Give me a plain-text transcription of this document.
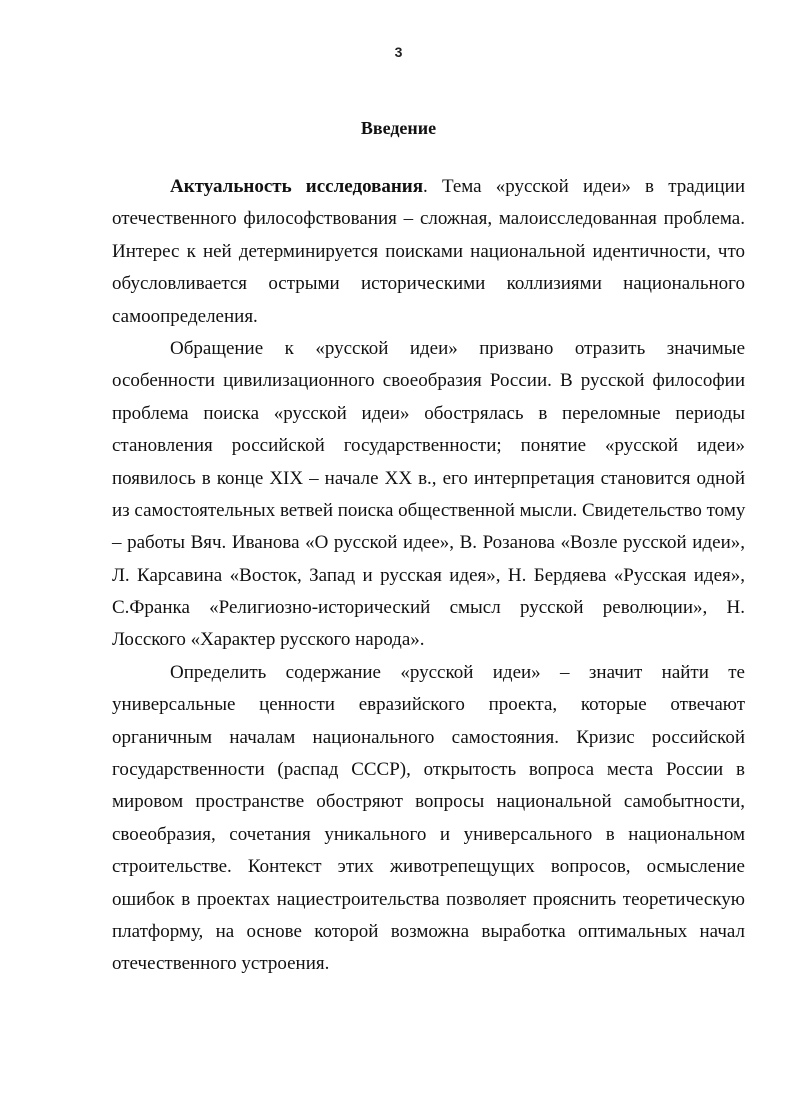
3
Введение
Актуальность исследования. Тема «русской идеи» в традиции
отечественного философствования – сложная, малоисследованная проблема.
Интерес к ней детерминируется поисками национальной идентичности, что
обусловливается острыми историческими коллизиями национального
самоопределения.
Обращение к «русской идеи» призвано отразить значимые
особенности цивилизационного своеобразия России. В русской философии
проблема поиска «русской идеи» обострялась в переломные периоды
становления российской государственности; понятие «русской идеи»
появилось в конце XIX – начале XX в., его интерпретация становится одной
из самостоятельных ветвей поиска общественной мысли. Свидетельство тому
– работы Вяч. Иванова «О русской идее», В. Розанова «Возле русской идеи»,
Л. Карсавина «Восток, Запад и русская идея», Н. Бердяева «Русская идея»,
С.Франка «Религиозно-исторический смысл русской революции», Н.
Лосского «Характер русского народа».
Определить содержание «русской идеи» – значит найти те
универсальные ценности евразийского проекта, которые отвечают
органичным началам национального самостояния. Кризис российской
государственности (распад СССР), открытость вопроса места России в
мировом пространстве обостряют вопросы национальной самобытности,
своеобразия, сочетания уникального и универсального в национальном
строительстве. Контекст этих животрепещущих вопросов, осмысление
ошибок в проектах нациестроительства позволяет прояснить теоретическую
платформу, на основе которой возможна выработка оптимальных начал
отечественного устроения.
